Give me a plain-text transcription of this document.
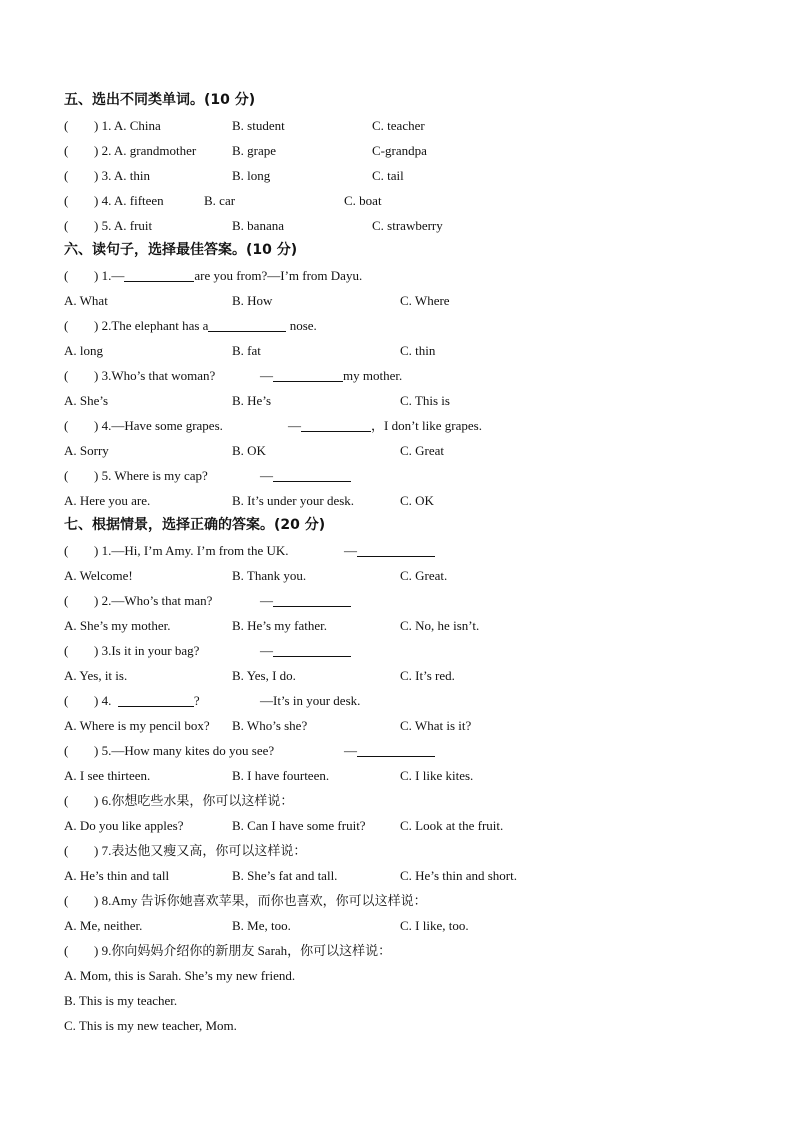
五、选出不同类单词。(10 分)
( ) 1. A. China	B. student	C. teacher
( ) 2. A. grandmother	B. grape	C-grandpa
( ) 3. A. thin	B. long	C. tail
( ) 4. A. fifteen	B. car	C. boat
( ) 5. A. fruit	B. banana	C. strawberry
六、读句子，选择最佳答案。(10 分)
( ) 1.—	are you from?—I’m from Dayu.
A. What	B. How	C. Where
( ) 2.The elephant has a	nose.
A. long	B. fat	C. thin
( ) 3.Who’s that woman?	—	my mother.
A. She’s	B. He’s	C. This is
( ) 4.—Have some grapes.	—	，I don’t like grapes.
A. Sorry	B. OK	C. Great
( ) 5. Where is my cap?	—
A. Here you are.	B. It’s under your desk.	C. OK
七、根据情景，选择正确的答案。(20 分)
( ) 1.—Hi, I’m Amy. I’m from the UK.	—
A. Welcome!	B. Thank you.	C. Great.
( ) 2.—Who’s that man?	—
A. She’s my mother.	B. He’s my father.	C. No, he isn’t.
( ) 3.Is it in your bag?	—
A. Yes, it is.	B. Yes, I do.	C. It’s red.
( ) 4.	?	—It’s in your desk.
A. Where is my pencil box? B. Who’s she?	C. What is it?
( ) 5.—How many kites do you see?	—
A. I see thirteen.	B. I have fourteen.	C. I like kites.
( ) 6.你想吃些水果，你可以这样说：
A. Do you like apples?	B. Can I have some fruit?	C. Look at the fruit.
( ) 7.表达他又瘦又高，你可以这样说：
A. He’s thin and tall	B. She’s fat and tall.	C. He’s thin and short.
( ) 8.Amy 告诉你她喜欢苹果，而你也喜欢，你可以这样说：
A. Me, neither.	B. Me, too.	C. I like, too.
( ) 9.你向妈妈介绍你的新朋友 Sarah，你可以这样说：
A. Mom, this is Sarah. She’s my new friend.
B. This is my teacher.
C. This is my new teacher, Mom.
